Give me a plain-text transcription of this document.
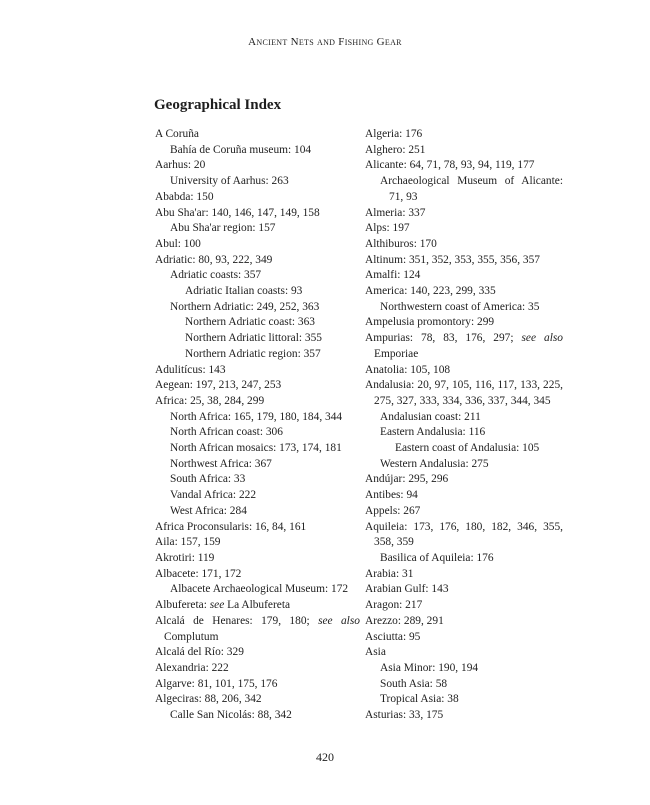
Ancient Nets and Fishing Gear
Geographical Index
A Coruña
Bahía de Coruña museum: 104
Aarhus: 20
University of Aarhus: 263
Ababda: 150
Abu Sha'ar: 140, 146, 147, 149, 158
Abu Sha'ar region: 157
Abul: 100
Adriatic: 80, 93, 222, 349
Adriatic coasts: 357
Adriatic Italian coasts: 93
Northern Adriatic: 249, 252, 363
Northern Adriatic coast: 363
Northern Adriatic littoral: 355
Northern Adriatic region: 357
Adulitícus: 143
Aegean: 197, 213, 247, 253
Africa: 25, 38, 284, 299
North Africa: 165, 179, 180, 184, 344
North African coast: 306
North African mosaics: 173, 174, 181
Northwest Africa: 367
South Africa: 33
Vandal Africa: 222
West Africa: 284
Africa Proconsularis: 16, 84, 161
Aila: 157, 159
Akrotiri: 119
Albacete: 171, 172
Albacete Archaeological Museum: 172
Albufereta: see La Albufereta
Alcalá de Henares: 179, 180; see also Complutum
Alcalá del Río: 329
Alexandria: 222
Algarve: 81, 101, 175, 176
Algeciras: 88, 206, 342
Calle San Nicolás: 88, 342
Algeria: 176
Alghero: 251
Alicante: 64, 71, 78, 93, 94, 119, 177
Archaeological Museum of Alicante: 71, 93
Almeria: 337
Alps: 197
Althiburos: 170
Altinum: 351, 352, 353, 355, 356, 357
Amalfi: 124
America: 140, 223, 299, 335
Northwestern coast of America: 35
Ampelusia promontory: 299
Ampurias: 78, 83, 176, 297; see also Emporiae
Anatolia: 105, 108
Andalusia: 20, 97, 105, 116, 117, 133, 225, 275, 327, 333, 334, 336, 337, 344, 345
Andalusian coast: 211
Eastern Andalusia: 116
Eastern coast of Andalusia: 105
Western Andalusia: 275
Andújar: 295, 296
Antibes: 94
Appels: 267
Aquileia: 173, 176, 180, 182, 346, 355, 358, 359
Basilica of Aquileia: 176
Arabia: 31
Arabian Gulf: 143
Aragon: 217
Arezzo: 289, 291
Asciutta: 95
Asia
Asia Minor: 190, 194
South Asia: 58
Tropical Asia: 38
Asturias: 33, 175
420
